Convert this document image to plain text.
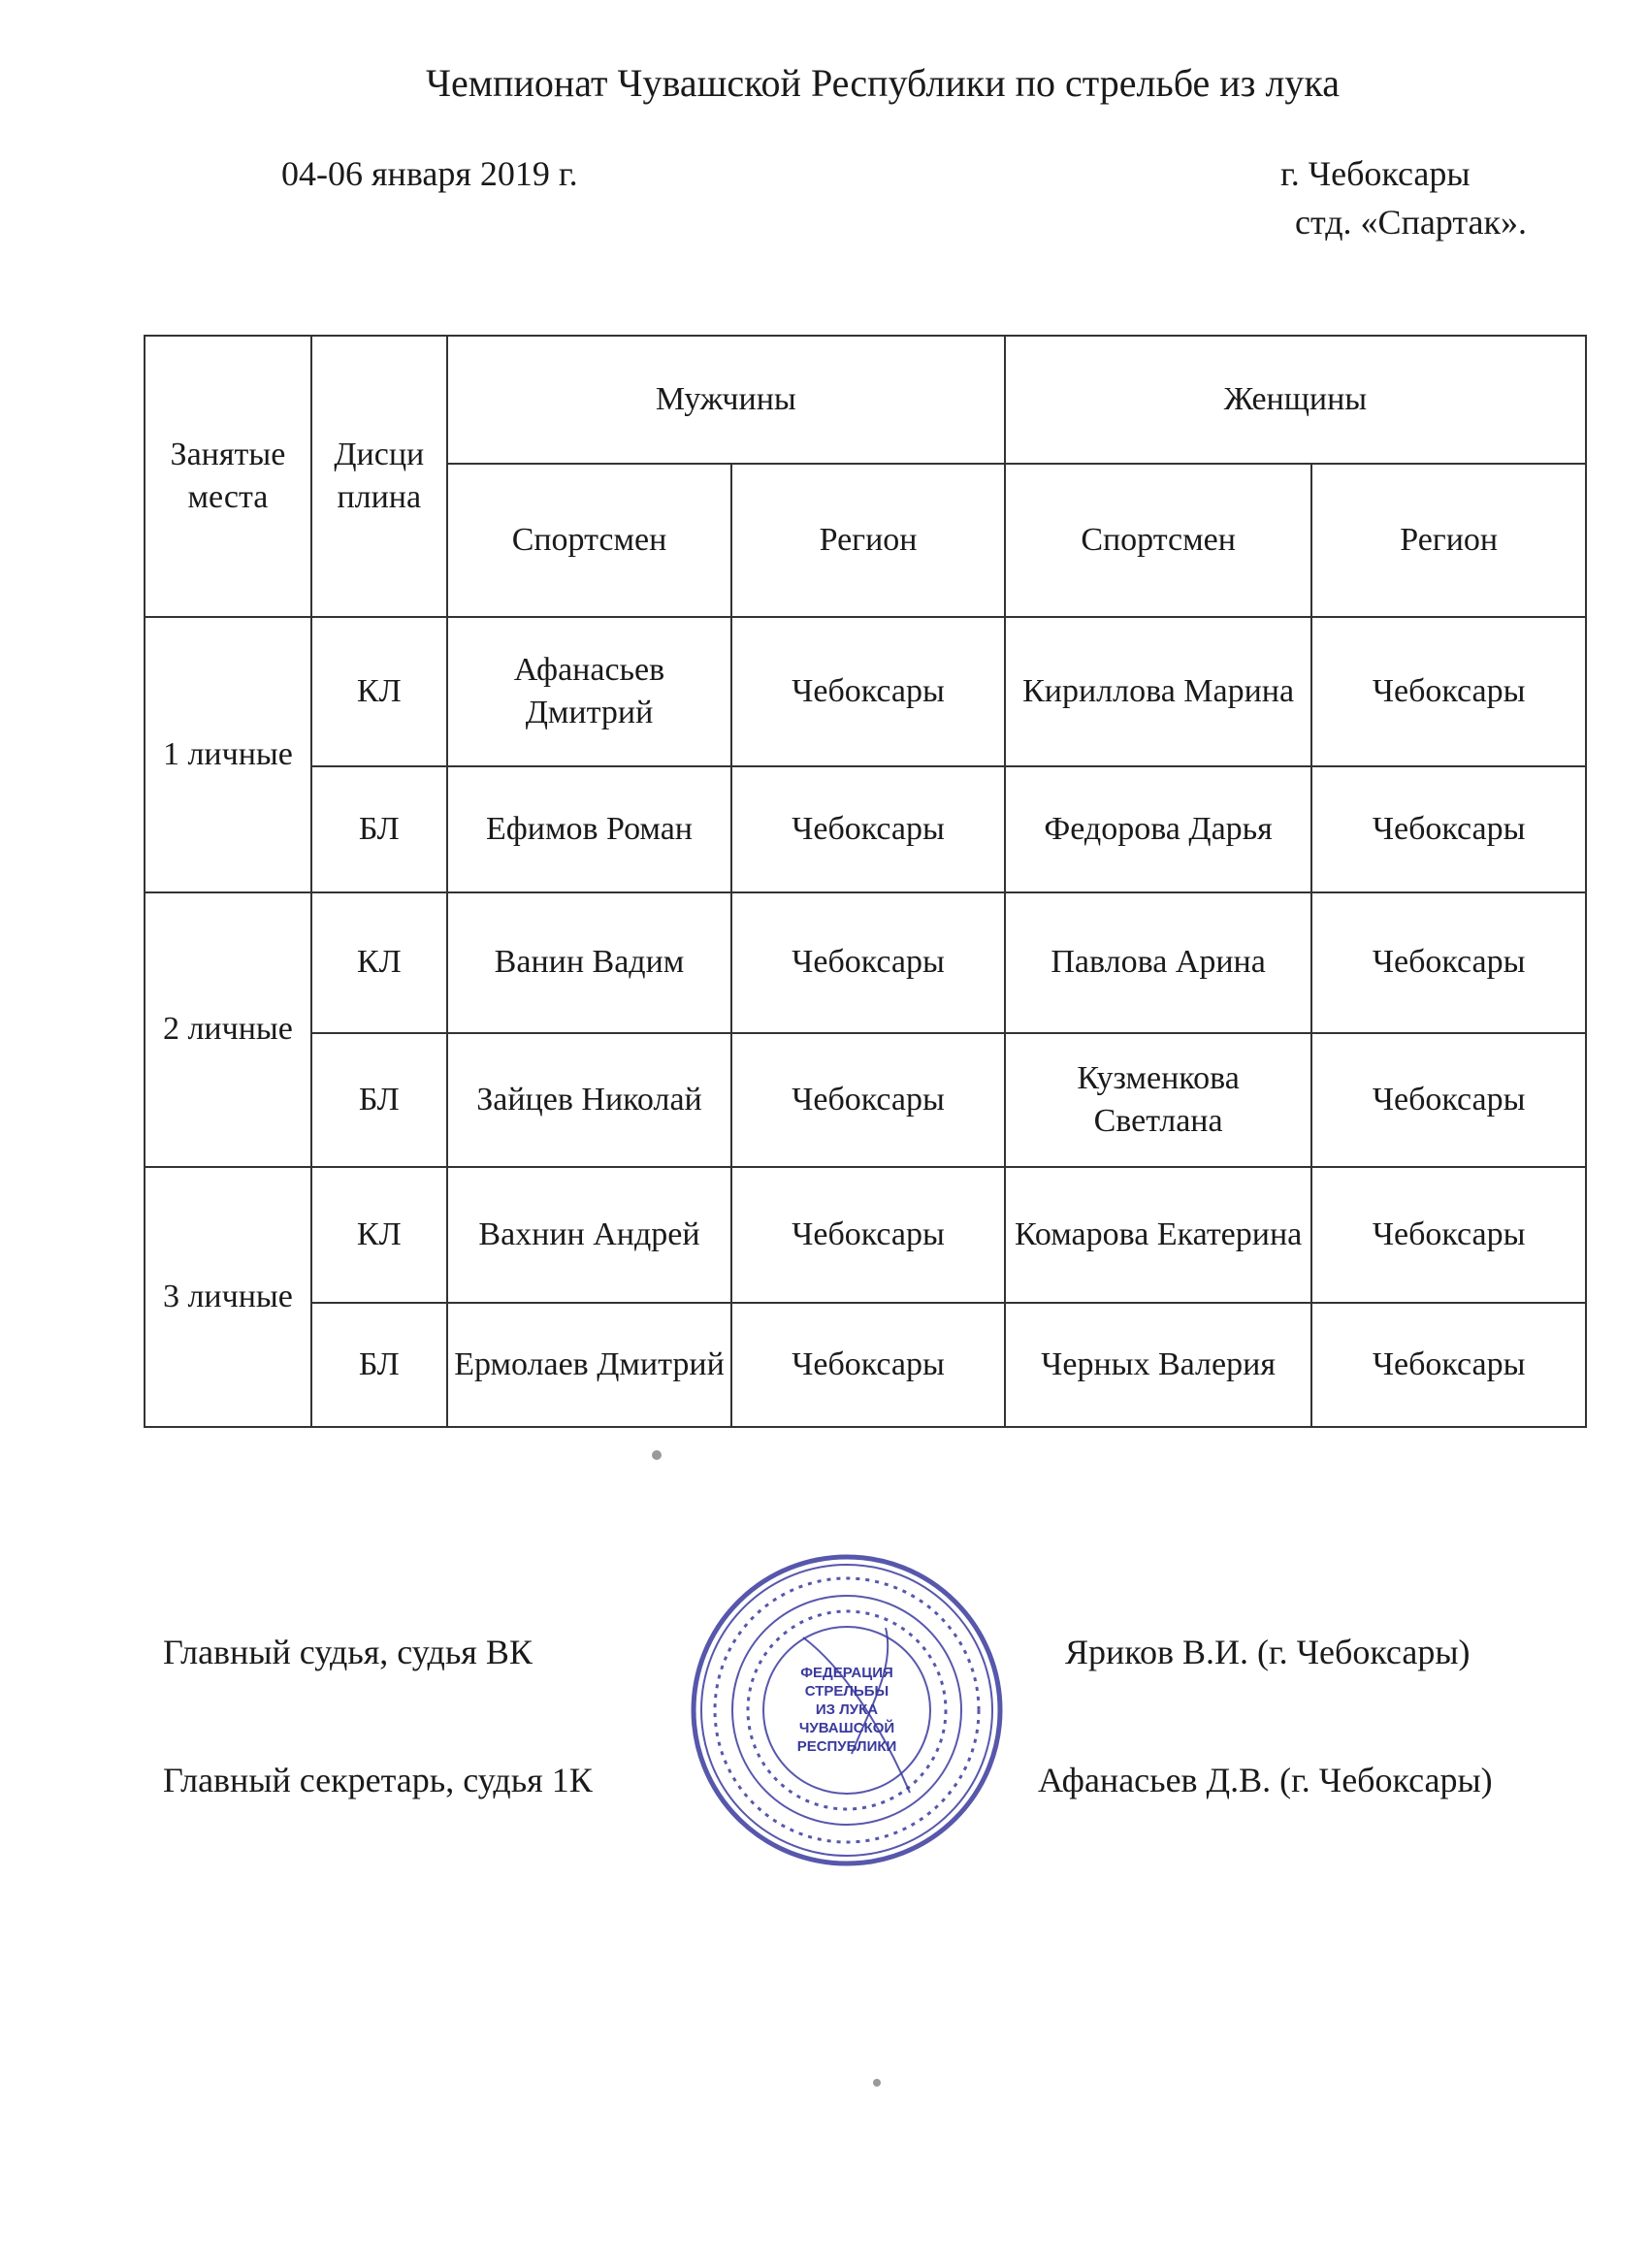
Чемпионат Чувашской Республики по стрельбе из лука
04-06 января 2019 г.	г. Чебоксары
стд. «Спартак».
Занятые места	Дисци плина	Мужчины		Женщины	
		Спортсмен	Регион	Спортсмен	Регион
1 личные	КЛ	Афанасьев Дмитрий	Чебоксары	Кириллова Марина	Чебоксары
	БЛ	Ефимов Роман	Чебоксары	Федорова Дарья	Чебоксары
2 личные	КЛ	Ванин Вадим	Чебоксары	Павлова Арина	Чебоксары
	БЛ	Зайцев Николай	Чебоксары	Кузменкова Светлана	Чебоксары
3 личные	КЛ	Вахнин Андрей	Чебоксары	Комарова Екатерина	Чебоксары
	БЛ	Ермолаев Дмитрий	Чебоксары	Черных Валерия	Чебоксары
Главный судья, судья ВК	Яриков В.И. (г. Чебоксары)
Главный секретарь, судья 1К	Афанасьев Д.В. (г. Чебоксары)
ФЕДЕРАЦИЯ
СТРЕЛЬБЫ
ИЗ ЛУКА
ЧУВАШСКОЙ
РЕСПУБЛИКИ
